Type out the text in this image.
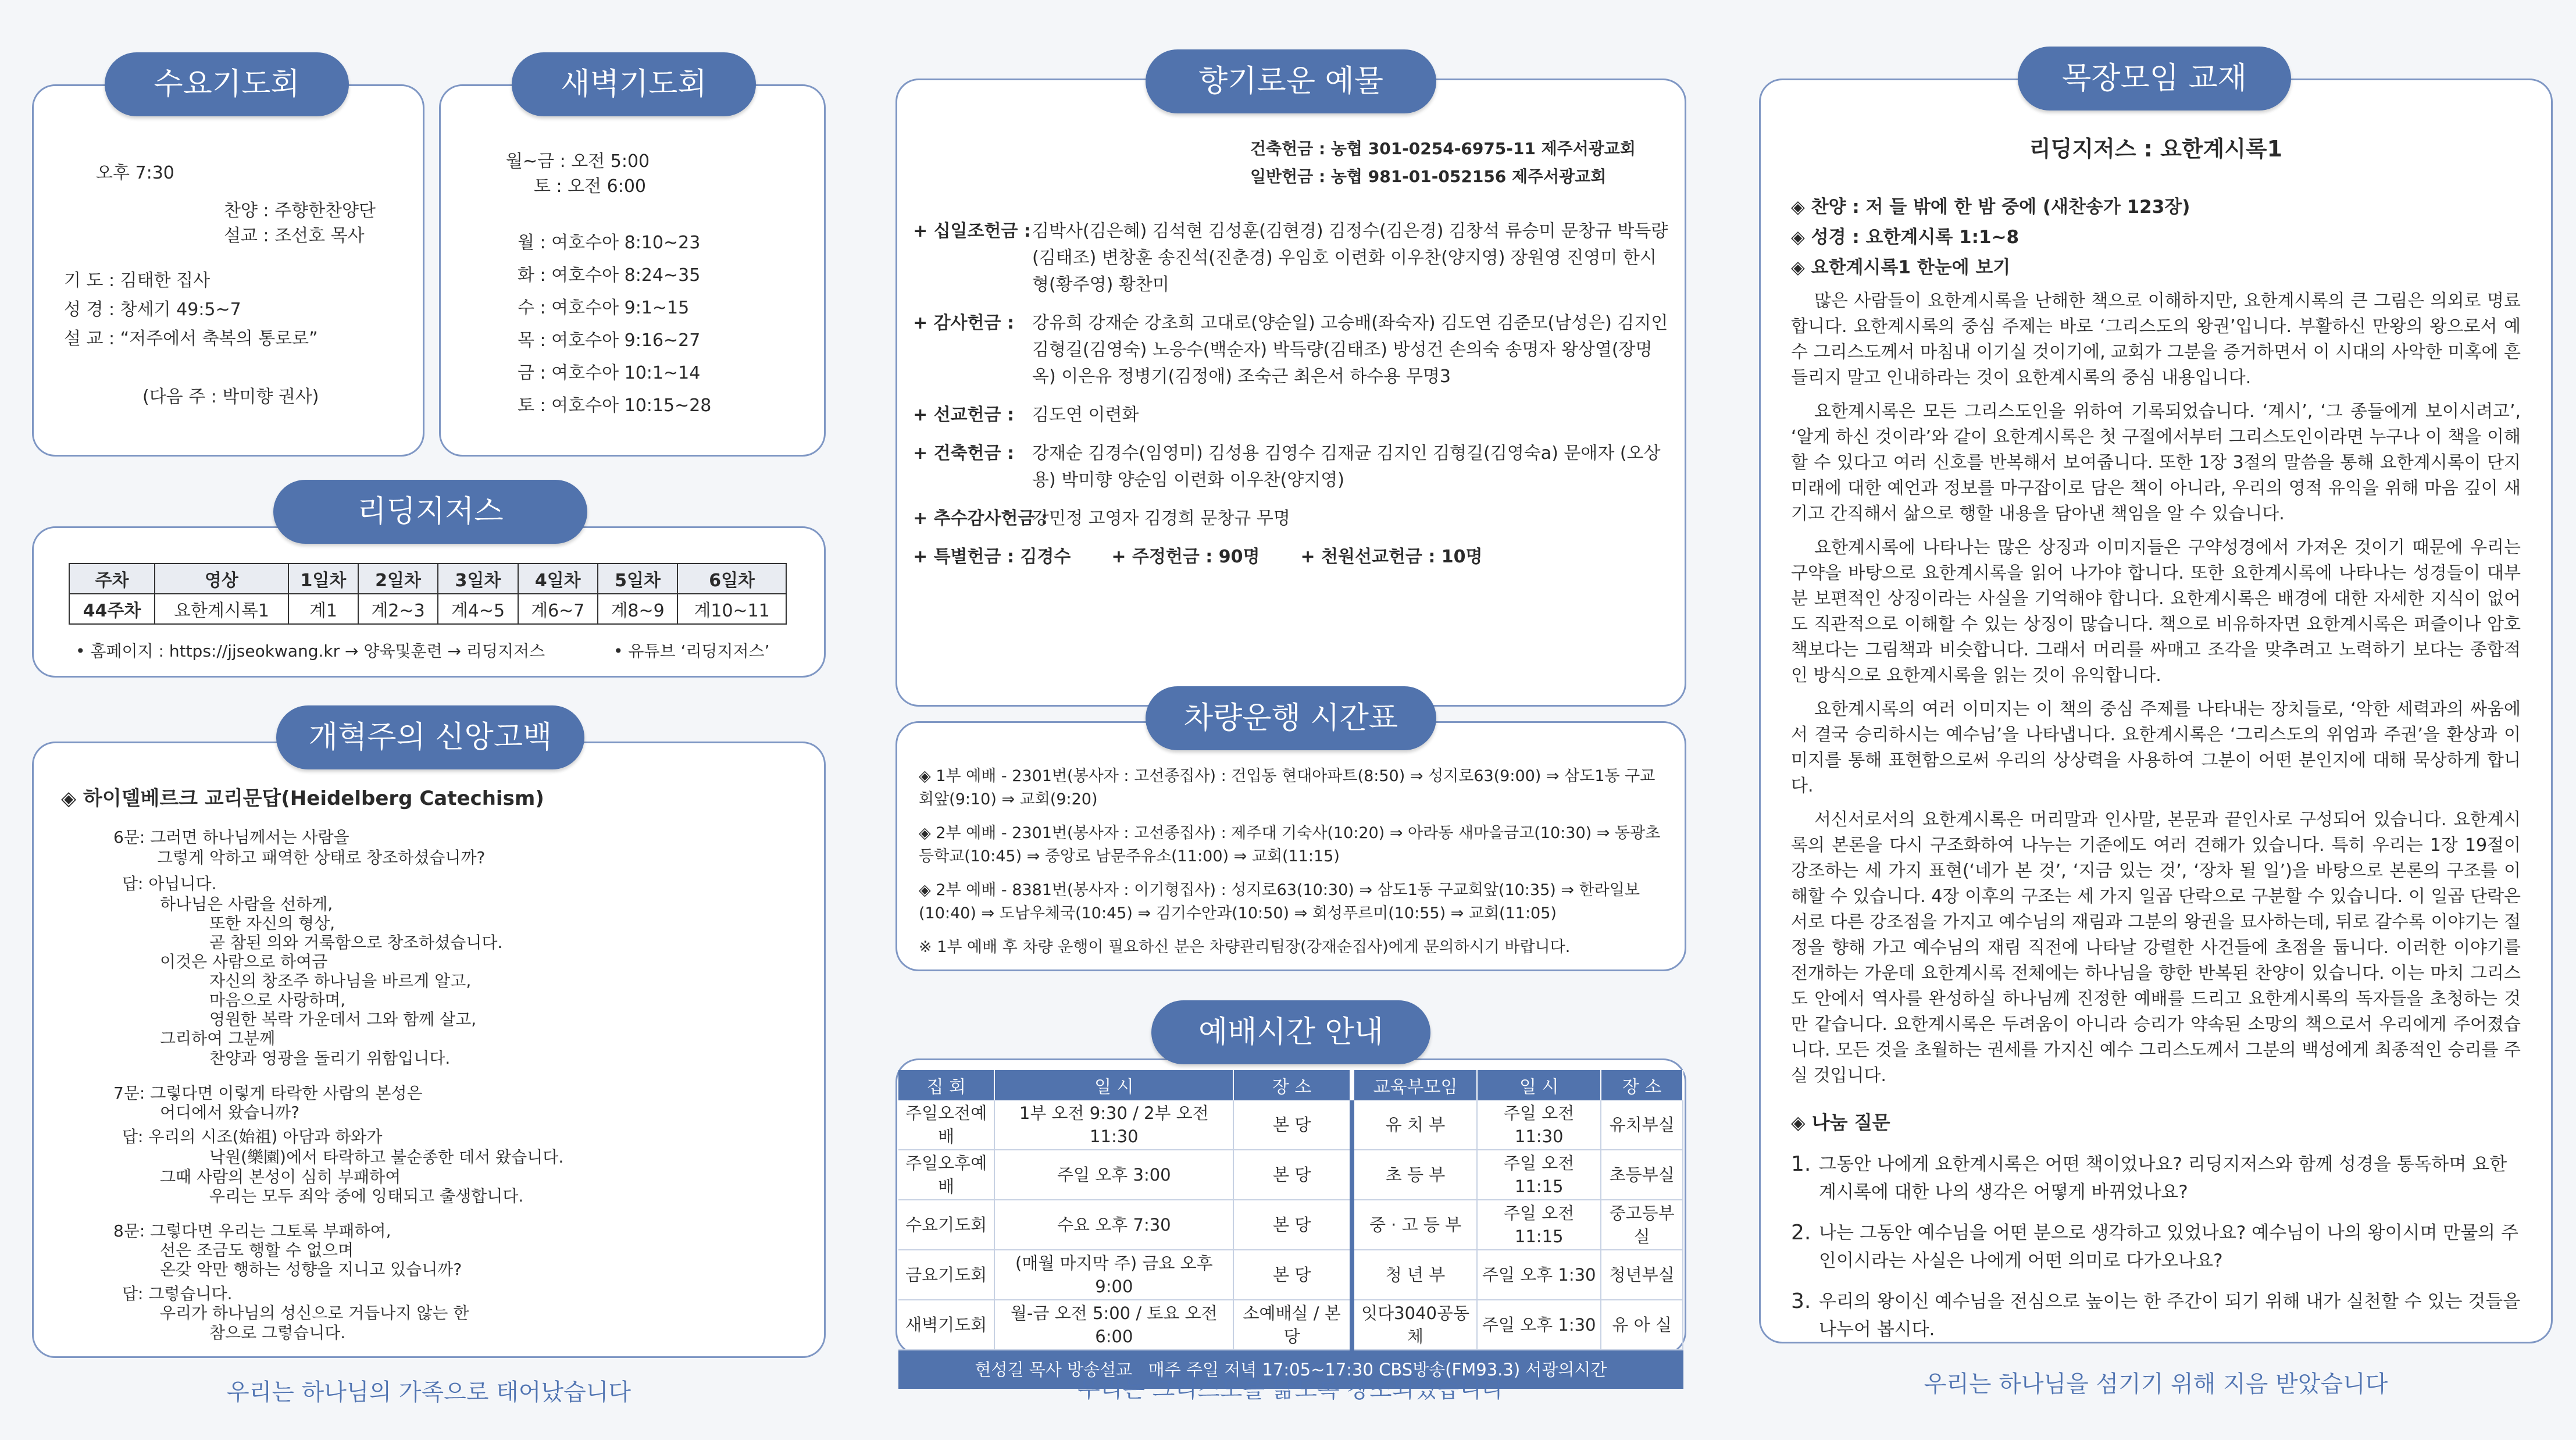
수요기도회
오후 7:30
찬양 : 주향한찬양단
설교 : 조선호 목사
기 도 : 김태한 집사
성 경 : 창세기 49:5~7
설 교 : “저주에서 축복의 통로로”
(다음 주 : 박미향 권사)
새벽기도회
월~금 : 오전 5:00
토 : 오전 6:00
월 : 여호수아 8:10~23
화 : 여호수아 8:24~35
수 : 여호수아 9:1~15
목 : 여호수아 9:16~27
금 : 여호수아 10:1~14
토 : 여호수아 10:15~28
리딩지저스
주차	영상	1일차	2일차	3일차	4일차	5일차	6일차
44주차	요한계시록1	계1	계2~3	계4~5	계6~7	계8~9	계10~11
• 홈페이지 : https://jjseokwang.kr → 양육및훈련 → 리딩지저스	• 유튜브 ‘리딩지저스’
개혁주의 신앙고백
◈ 하이델베르크 교리문답(Heidelberg Catechism)
6문: 그러면 하나님께서는 사람을
그렇게 악하고 패역한 상태로 창조하셨습니까?
답: 아닙니다.
하나님은 사람을 선하게,
또한 자신의 형상,
곧 참된 의와 거룩함으로 창조하셨습니다.
이것은 사람으로 하여금
자신의 창조주 하나님을 바르게 알고,
마음으로 사랑하며,
영원한 복락 가운데서 그와 함께 살고,
그리하여 그분께
찬양과 영광을 돌리기 위함입니다.
7문: 그렇다면 이렇게 타락한 사람의 본성은
어디에서 왔습니까?
답: 우리의 시조(始祖) 아담과 하와가
낙원(樂園)에서 타락하고 불순종한 데서 왔습니다.
그때 사람의 본성이 심히 부패하여
우리는 모두 죄악 중에 잉태되고 출생합니다.
8문: 그렇다면 우리는 그토록 부패하여,
선은 조금도 행할 수 없으며
온갖 악만 행하는 성향을 지니고 있습니까?
답: 그렇습니다.
우리가 하나님의 성신으로 거듭나지 않는 한
참으로 그렇습니다.
우리는 하나님의 가족으로 태어났습니다
향기로운 예물
건축헌금 : 농협 301-0254-6975-11 제주서광교회
일반헌금 : 농협 981-01-052156 제주서광교회
+ 십일조헌금 : 김박사(김은혜) 김석현 김성훈(김현경) 김정수(김은경) 김창석 류승미 문창규 박득량(김태조) 변창훈 송진석(진춘경) 우임호 이련화 이우찬(양지영) 장원영 진영미 한시형(황주영) 황찬미
+ 감사헌금 :	강유희 강재순 강초희 고대로(양순일) 고승배(좌숙자) 김도연 김준모(남성은) 김지인 김형길(김영숙) 노응수(백순자) 박득량(김태조) 방성건 손의숙 송명자 왕상열(장명옥) 이은유 정병기(김정애) 조숙근 최은서 하수용 무명3
+ 선교헌금 :	김도연 이련화
+ 건축헌금 :	강재순 김경수(임영미) 김성용 김영수 김재균 김지인 김형길(김영숙a) 문애자 (오상용) 박미향 양순임 이련화 이우찬(양지영)
+ 추수감사헌금 :
강민정 고영자 김경희 문창규 무명
+ 특별헌금 : 김경수 + 주정헌금 : 90명 + 천원선교헌금 : 10명
차량운행 시간표
◈ 1부 예배 - 2301번(봉사자 : 고선종집사) : 건입동 현대아파트(8:50) ⇒ 성지로63(9:00) ⇒ 삼도1동 구교회앞(9:10) ⇒ 교회(9:20)
◈ 2부 예배 - 2301번(봉사자 : 고선종집사) : 제주대 기숙사(10:20) ⇒ 아라동 새마을금고(10:30) ⇒ 동광초등학교(10:45) ⇒ 중앙로 남문주유소(11:00) ⇒ 교회(11:15)
◈ 2부 예배 - 8381번(봉사자 : 이기형집사) : 성지로63(10:30) ⇒ 삼도1동 구교회앞(10:35) ⇒ 한라일보(10:40) ⇒ 도남우체국(10:45) ⇒ 김기수안과(10:50) ⇒ 회성푸르미(10:55) ⇒ 교회(11:05)
※ 1부 예배 후 차량 운행이 필요하신 분은 차량관리팀장(강재순집사)에게 문의하시기 바랍니다.
예배시간 안내
집 회	일 시	장 소	교육부모임	일 시	장 소
주일오전예배	1부 오전 9:30 / 2부 오전 11:30	본 당	유 치 부	주일 오전 11:30	유치부실
주일오후예배	주일 오후 3:00	본 당	초 등 부	주일 오전 11:15	초등부실
수요기도회	수요 오후 7:30	본 당	중 · 고 등 부	주일 오전 11:15	중고등부실
금요기도회	(매월 마지막 주) 금요 오후 9:00	본 당	청 년 부	주일 오후 1:30	청년부실
새벽기도회	월-금 오전 5:00 / 토요 오전 6:00	소예배실 / 본 당	잇다3040공동체	주일 오후 1:30	유 아 실
현성길 목사 방송설교   매주 주일 저녁 17:05~17:30 CBS방송(FM93.3) 서광의시간
우리는 그리스도를 닮도록 창조되었습니다
목장모임 교재
리딩지저스 : 요한계시록1
◈ 찬양 : 저 들 밖에 한 밤 중에 (새찬송가 123장)
◈ 성경 : 요한계시록 1:1~8
◈ 요한계시록1 한눈에 보기

많은 사람들이 요한계시록을 난해한 책으로 이해하지만, 요한계시록의 큰 그림은 의외로 명료합니다. 요한계시록의 중심 주제는 바로 ‘그리스도의 왕권’입니다. 부활하신 만왕의 왕으로서 예수 그리스도께서 마침내 이기실 것이기에, 교회가 그분을 증거하면서 이 시대의 사악한 미혹에 흔들리지 말고 인내하라는 것이 요한계시록의 중심 내용입니다.

요한계시록은 모든 그리스도인을 위하여 기록되었습니다. ‘계시’, ‘그 종들에게 보이시려고’, ‘알게 하신 것이라’와 같이 요한계시록은 첫 구절에서부터 그리스도인이라면 누구나 이 책을 이해할 수 있다고 여러 신호를 반복해서 보여줍니다. 또한 1장 3절의 말씀을 통해 요한계시록이 단지 미래에 대한 예언과 정보를 마구잡이로 담은 책이 아니라, 우리의 영적 유익을 위해 마음 깊이 새기고 간직해서 삶으로 행할 내용을 담아낸 책임을 알 수 있습니다.

요한계시록에 나타나는 많은 상징과 이미지들은 구약성경에서 가져온 것이기 때문에 우리는 구약을 바탕으로 요한계시록을 읽어 나가야 합니다. 또한 요한계시록에 나타나는 성경들이 대부분 보편적인 상징이라는 사실을 기억해야 합니다. 요한계시록은 배경에 대한 자세한 지식이 없어도 직관적으로 이해할 수 있는 상징이 많습니다. 책으로 비유하자면 요한계시록은 퍼즐이나 암호 책보다는 그림책과 비슷합니다. 그래서 머리를 싸매고 조각을 맞추려고 노력하기 보다는 종합적인 방식으로 요한계시록을 읽는 것이 유익합니다.

요한계시록의 여러 이미지는 이 책의 중심 주제를 나타내는 장치들로, ‘악한 세력과의 싸움에서 결국 승리하시는 예수님’을 나타냅니다. 요한계시록은 ‘그리스도의 위엄과 주권’을 환상과 이미지를 통해 표현함으로써 우리의 상상력을 사용하여 그분이 어떤 분인지에 대해 묵상하게 합니다.

서신서로서의 요한계시록은 머리말과 인사말, 본문과 끝인사로 구성되어 있습니다. 요한계시록의 본론을 다시 구조화하여 나누는 기준에도 여러 견해가 있습니다. 특히 우리는 1장 19절이 강조하는 세 가지 표현(‘네가 본 것’, ‘지금 있는 것’, ‘장차 될 일’)을 바탕으로 본론의 구조를 이해할 수 있습니다. 4장 이후의 구조는 세 가지 일곱 단락으로 구분할 수 있습니다. 이 일곱 단락은 서로 다른 강조점을 가지고 예수님의 재림과 그분의 왕권을 묘사하는데, 뒤로 갈수록 이야기는 절정을 향해 가고 예수님의 재림 직전에 나타날 강렬한 사건들에 초점을 둡니다. 이러한 이야기를 전개하는 가운데 요한계시록 전체에는 하나님을 향한 반복된 찬양이 있습니다. 이는 마치 그리스도 안에서 역사를 완성하실 하나님께 진정한 예배를 드리고 요한계시록의 독자들을 초청하는 것만 같습니다. 요한계시록은 두려움이 아니라 승리가 약속된 소망의 책으로서 우리에게 주어졌습니다. 모든 것을 초월하는 권세를 가지신 예수 그리스도께서 그분의 백성에게 최종적인 승리를 주실 것입니다.

◈ 나눔 질문
1. 그동안 나에게 요한계시록은 어떤 책이었나요? 리딩지저스와 함께 성경을 통독하며 요한계시록에 대한 나의 생각은 어떻게 바뀌었나요?
2. 나는 그동안 예수님을 어떤 분으로 생각하고 있었나요? 예수님이 나의 왕이시며 만물의 주인이시라는 사실은 나에게 어떤 의미로 다가오나요?
3. 우리의 왕이신 예수님을 전심으로 높이는 한 주간이 되기 위해 내가 실천할 수 있는 것들을 나누어 봅시다.
우리는 하나님을 섬기기 위해 지음 받았습니다
